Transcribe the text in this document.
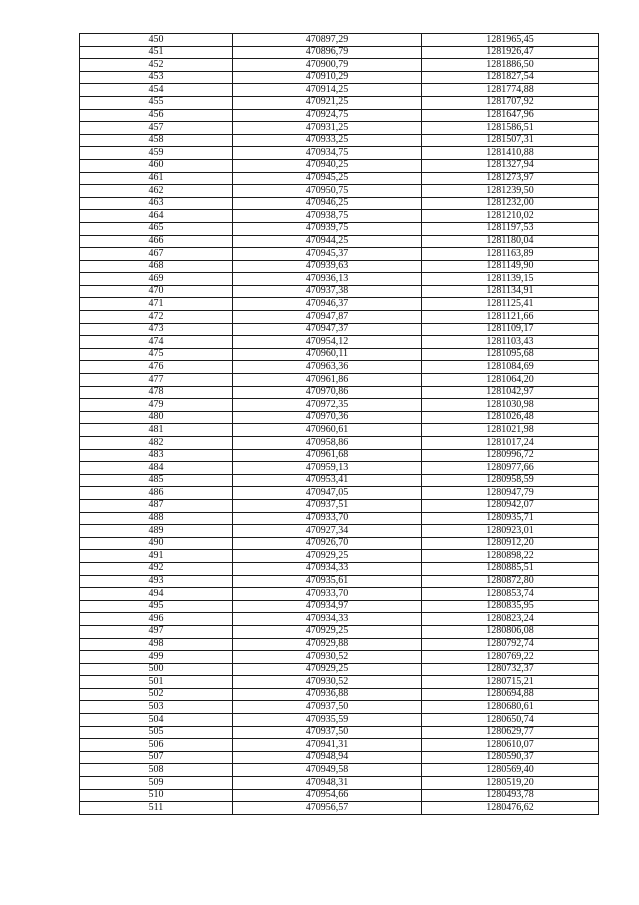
450	470897,29	1281965,45
451	470896,79	1281926,47
452	470900,79	1281886,50
453	470910,29	1281827,54
454	470914,25	1281774,88
455	470921,25	1281707,92
456	470924,75	1281647,96
457	470931,25	1281586,51
458	470933,25	1281507,31
459	470934,75	1281410,88
460	470940,25	1281327,94
461	470945,25	1281273,97
462	470950,75	1281239,50
463	470946,25	1281232,00
464	470938,75	1281210,02
465	470939,75	1281197,53
466	470944,25	1281180,04
467	470945,37	1281163,89
468	470939,63	1281149,90
469	470936,13	1281139,15
470	470937,38	1281134,91
471	470946,37	1281125,41
472	470947,87	1281121,66
473	470947,37	1281109,17
474	470954,12	1281103,43
475	470960,11	1281095,68
476	470963,36	1281084,69
477	470961,86	1281064,20
478	470970,86	1281042,97
479	470972,35	1281030,98
480	470970,36	1281026,48
481	470960,61	1281021,98
482	470958,86	1281017,24
483	470961,68	1280996,72
484	470959,13	1280977,66
485	470953,41	1280958,59
486	470947,05	1280947,79
487	470937,51	1280942,07
488	470933,70	1280935,71
489	470927,34	1280923,01
490	470926,70	1280912,20
491	470929,25	1280898,22
492	470934,33	1280885,51
493	470935,61	1280872,80
494	470933,70	1280853,74
495	470934,97	1280835,95
496	470934,33	1280823,24
497	470929,25	1280806,08
498	470929,88	1280792,74
499	470930,52	1280769,22
500	470929,25	1280732,37
501	470930,52	1280715,21
502	470936,88	1280694,88
503	470937,50	1280680,61
504	470935,59	1280650,74
505	470937,50	1280629,77
506	470941,31	1280610,07
507	470948,94	1280590,37
508	470949,58	1280569,40
509	470948,31	1280519,20
510	470954,66	1280493,78
511	470956,57	1280476,62
